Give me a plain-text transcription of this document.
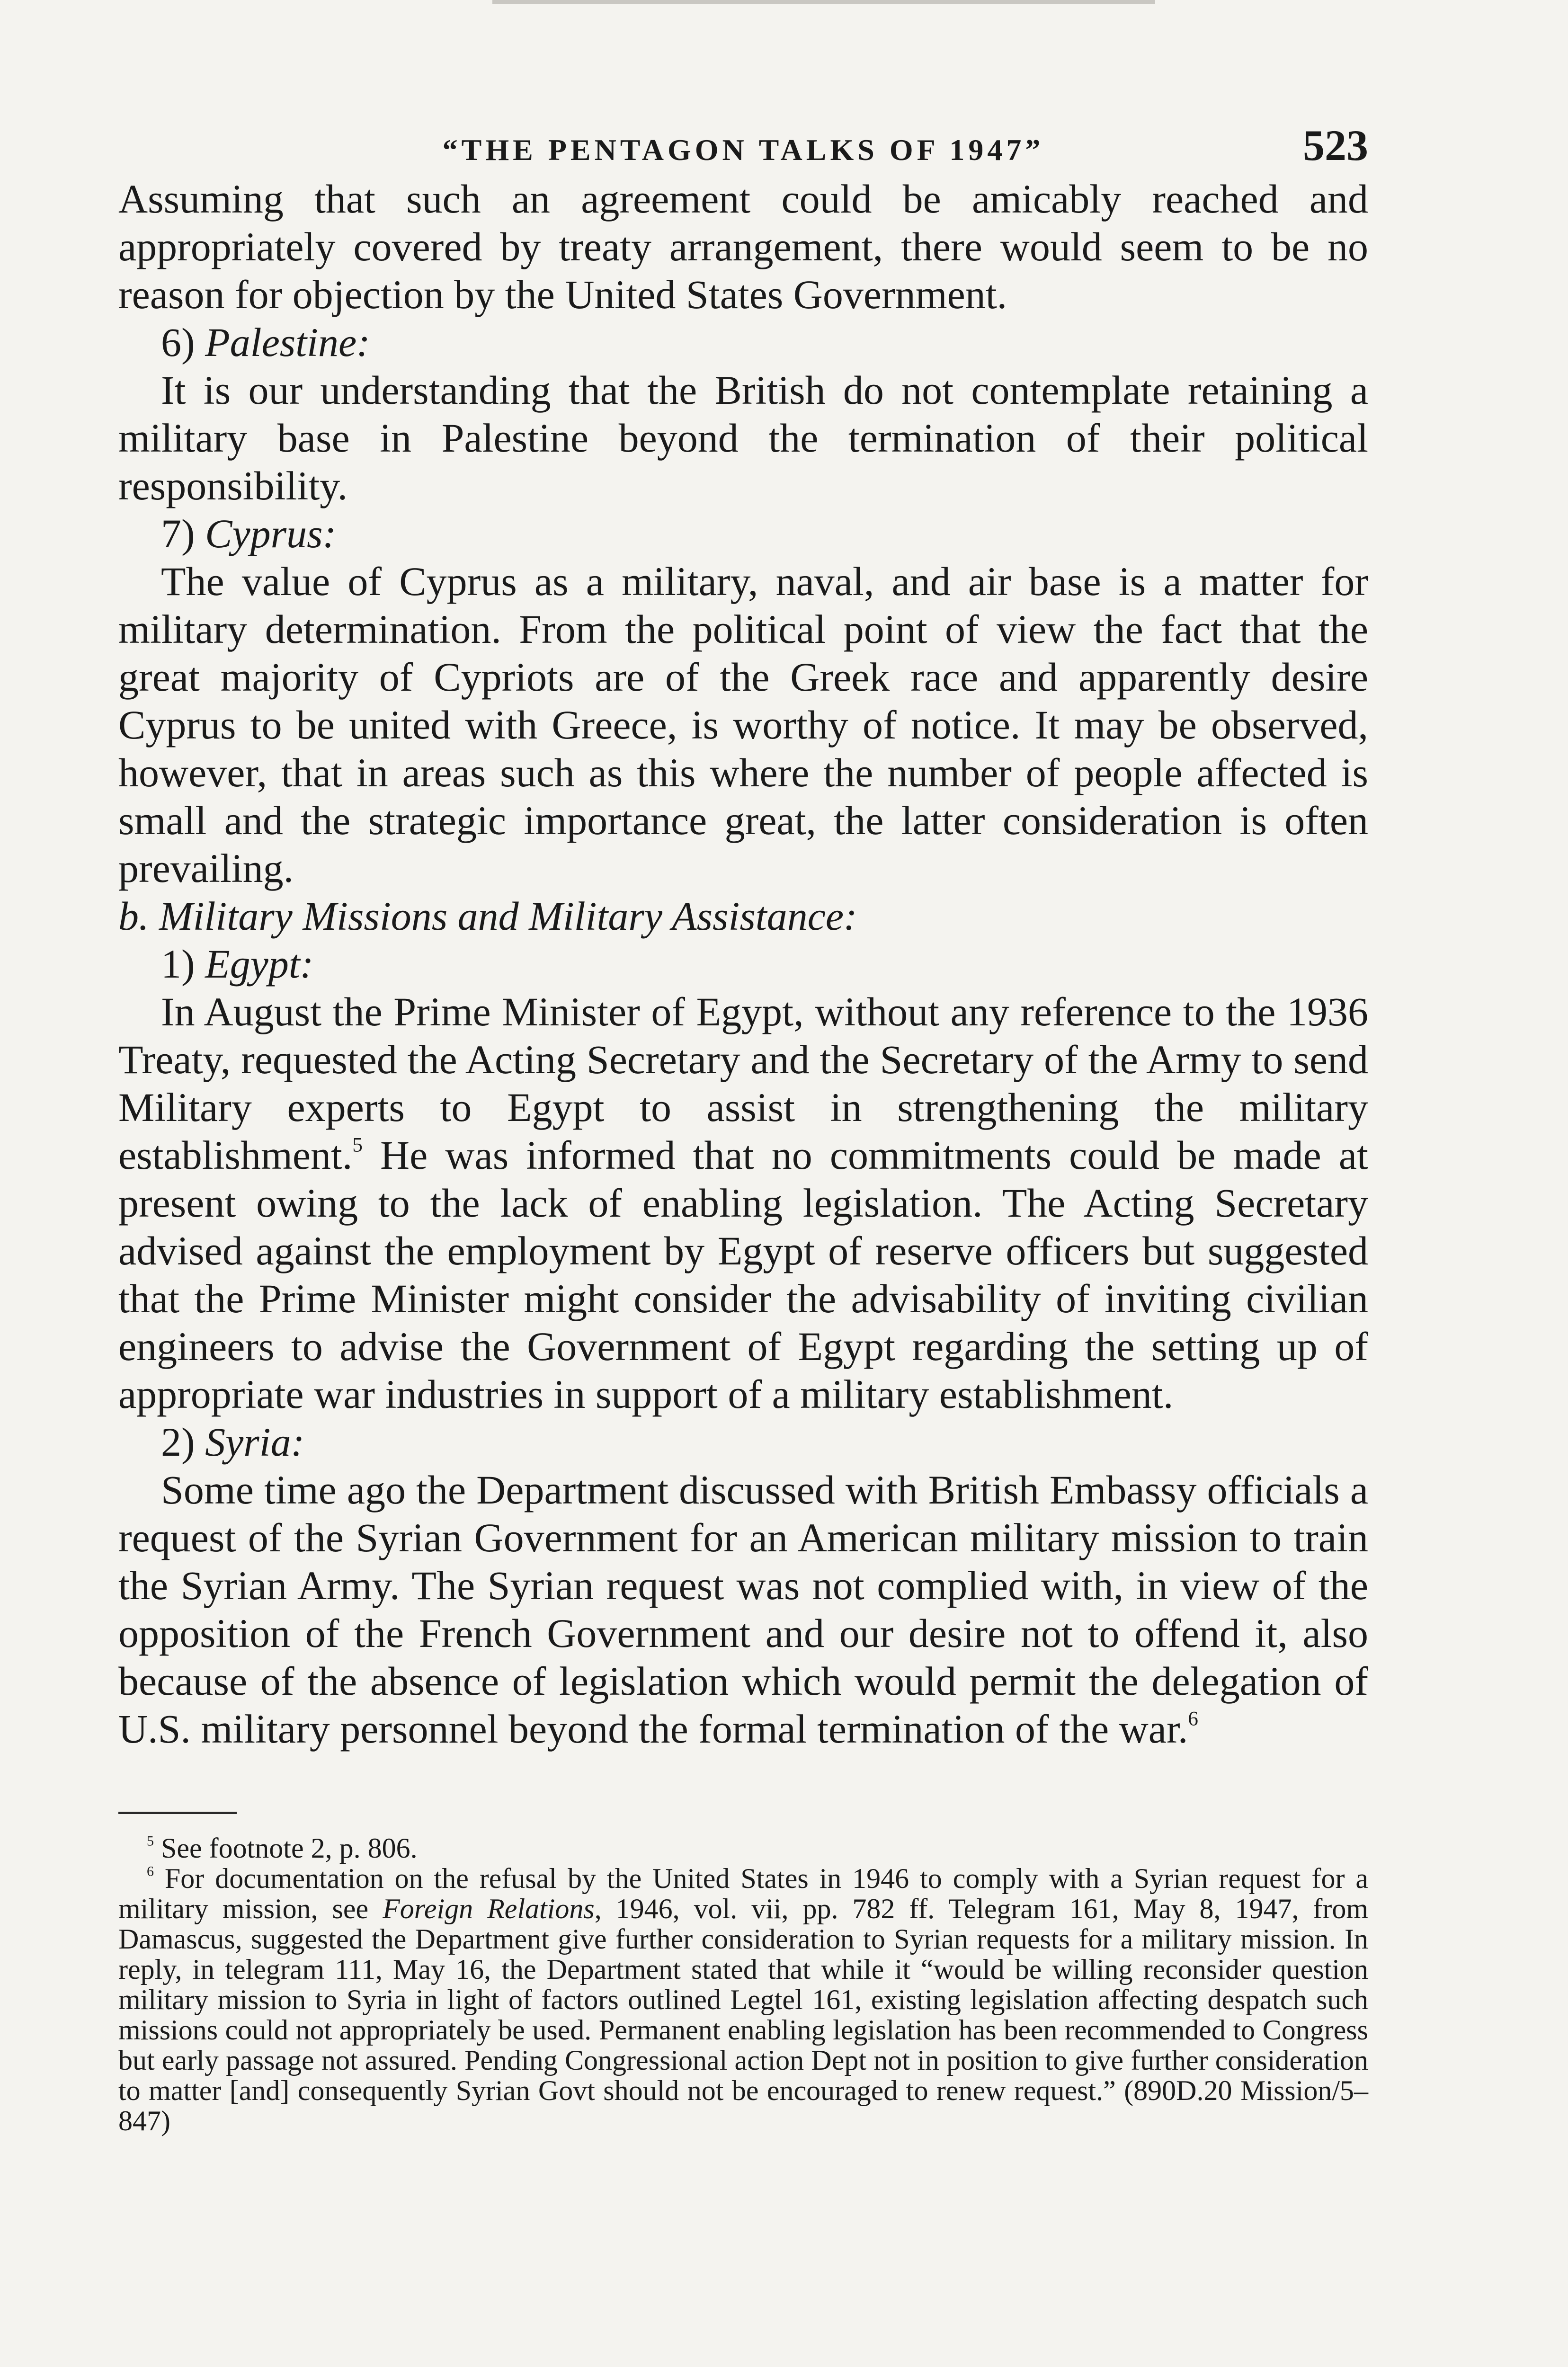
“THE PENTAGON TALKS OF 1947”	523

Assuming that such an agreement could be amicably reached and appropriately covered by treaty arrangement, there would seem to be no reason for objection by the United States Government.

6) Palestine:

It is our understanding that the British do not contemplate retaining a military base in Palestine beyond the termination of their political responsibility.

7) Cyprus:

The value of Cyprus as a military, naval, and air base is a matter for military determination. From the political point of view the fact that the great majority of Cypriots are of the Greek race and apparently desire Cyprus to be united with Greece, is worthy of notice. It may be observed, however, that in areas such as this where the number of people affected is small and the strategic importance great, the latter consideration is often prevailing.

b. Military Missions and Military Assistance:

1) Egypt:

In August the Prime Minister of Egypt, without any reference to the 1936 Treaty, requested the Acting Secretary and the Secretary of the Army to send Military experts to Egypt to assist in strengthening the military establishment.$^5$ He was informed that no commitments could be made at present owing to the lack of enabling legislation. The Acting Secretary advised against the employment by Egypt of reserve officers but suggested that the Prime Minister might consider the advisability of inviting civilian engineers to advise the Government of Egypt regarding the setting up of appropriate war industries in support of a military establishment.

2) Syria:

Some time ago the Department discussed with British Embassy officials a request of the Syrian Government for an American military mission to train the Syrian Army. The Syrian request was not complied with, in view of the opposition of the French Government and our desire not to offend it, also because of the absence of legislation which would permit the delegation of U.S. military personnel beyond the formal termination of the war.$^6$

$^5$ See footnote 2, p. 806.

$^6$ For documentation on the refusal by the United States in 1946 to comply with a Syrian request for a military mission, see Foreign Relations, 1946, vol. vii, pp. 782 ff. Telegram 161, May 8, 1947, from Damascus, suggested the Department give further consideration to Syrian requests for a military mission. In reply, in telegram 111, May 16, the Department stated that while it “would be willing reconsider question military mission to Syria in light of factors outlined Legtel 161, existing legislation affecting despatch such missions could not appropriately be used. Permanent enabling legislation has been recommended to Congress but early passage not assured. Pending Congressional action Dept not in position to give further consideration to matter [and] consequently Syrian Govt should not be encouraged to renew request.” (890D.20 Mission/5–847)
